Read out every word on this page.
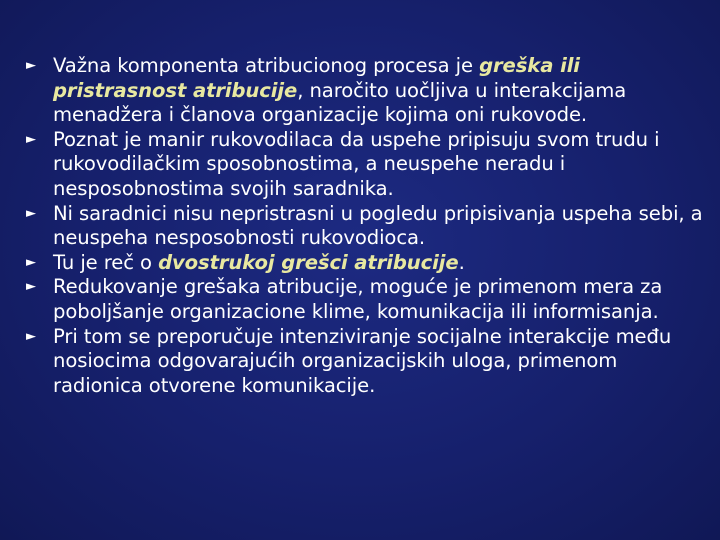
► Važna komponenta atribucionog procesa je greška ili pristrasnost atribucije, naročito uočljiva u interakcijama menadžera i članova organizacije kojima oni rukovode.
► Poznat je manir rukovodilaca da uspehe pripisuju svom trudu i rukovodilačkim sposobnostima, a neuspehe neradu i nesposobnostima svojih saradnika.
► Ni saradnici nisu nepristrasni u pogledu pripisivanja uspeha sebi, a neuspeha nesposobnosti rukovodioca.
► Tu je reč o dvostrukoj grešci atribucije.
► Redukovanje grešaka atribucije, moguće je primenom mera za poboljšanje organizacione klime, komunikacija ili informisanja.
► Pri tom se preporučuje intenziviranje socijalne interakcije među nosiocima odgovarajućih organizacijskih uloga, primenom radionica otvorene komunikacije.
